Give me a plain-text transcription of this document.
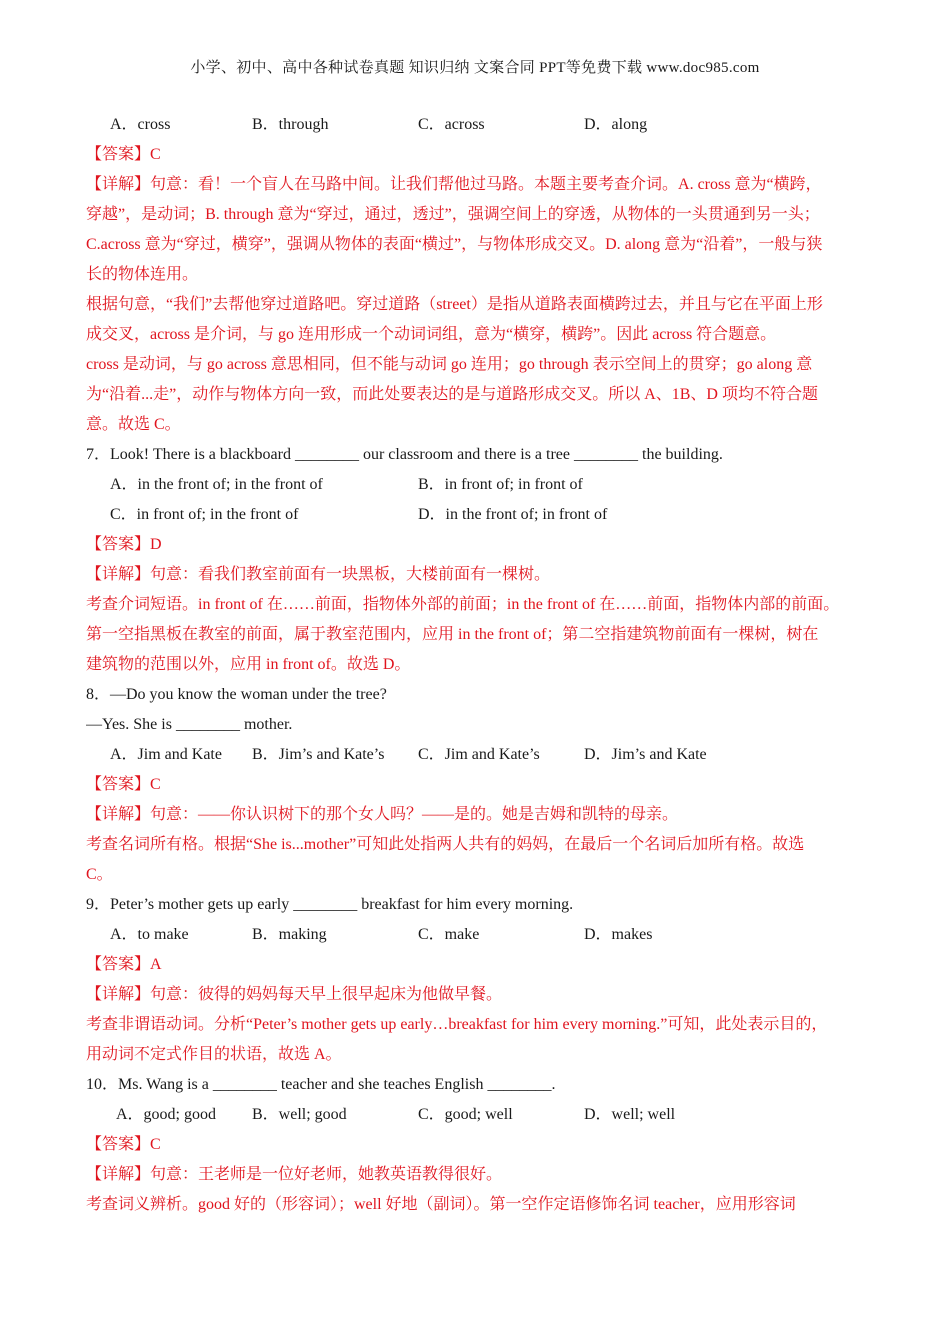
小学、初中、高中各种试卷真题 知识归纳 文案合同 PPT等免费下载 www.doc985.com
A．cross	B．through	C．across	D．along
【答案】C
【详解】句意：看！一个盲人在马路中间。让我们帮他过马路。本题主要考查介词。A. cross 意为“横跨，
穿越”，是动词；B. through 意为“穿过，通过，透过”，强调空间上的穿透，从物体的一头贯通到另一头；
C.across 意为“穿过，横穿”，强调从物体的表面“横过”，与物体形成交叉。D. along 意为“沿着”，一般与狭
长的物体连用。
根据句意，“我们”去帮他穿过道路吧。穿过道路（street）是指从道路表面横跨过去，并且与它在平面上形
成交叉，across 是介词，与 go 连用形成一个动词词组，意为“横穿，横跨”。因此 across 符合题意。
cross 是动词，与 go across 意思相同，但不能与动词 go 连用；go through 表示空间上的贯穿；go along 意
为“沿着...走”，动作与物体方向一致，而此处要表达的是与道路形成交叉。所以 A、1B、D 项均不符合题
意。故选 C。
7．Look! There is a blackboard ________ our classroom and there is a tree ________ the building.
A．in the front of; in the front of	B．in front of; in front of
C．in front of; in the front of	D．in the front of; in front of
【答案】D
【详解】句意：看我们教室前面有一块黑板，大楼前面有一棵树。
考查介词短语。in front of 在……前面，指物体外部的前面；in the front of 在……前面，指物体内部的前面。
第一空指黑板在教室的前面，属于教室范围内，应用 in the front of；第二空指建筑物前面有一棵树，树在
建筑物的范围以外，应用 in front of。故选 D。
8．—Do you know the woman under the tree?
—Yes. She is ________ mother.
A．Jim and Kate	B．Jim’s and Kate’s	C．Jim and Kate’s	D．Jim’s and Kate
【答案】C
【详解】句意：——你认识树下的那个女人吗？——是的。她是吉姆和凯特的母亲。
考查名词所有格。根据“She is...mother”可知此处指两人共有的妈妈，在最后一个名词后加所有格。故选
C。
9．Peter’s mother gets up early ________ breakfast for him every morning.
A．to make	B．making	C．make	D．makes
【答案】A
【详解】句意：彼得的妈妈每天早上很早起床为他做早餐。
考查非谓语动词。分析“Peter’s mother gets up early…breakfast for him every morning.”可知，此处表示目的，
用动词不定式作目的状语，故选 A。
10．Ms. Wang is a ________ teacher and she teaches English ________.
A．good; good	B．well; good	C．good; well	D．well; well
【答案】C
【详解】句意：王老师是一位好老师，她教英语教得很好。
考查词义辨析。good 好的（形容词）；well 好地（副词）。第一空作定语修饰名词 teacher，应用形容词
